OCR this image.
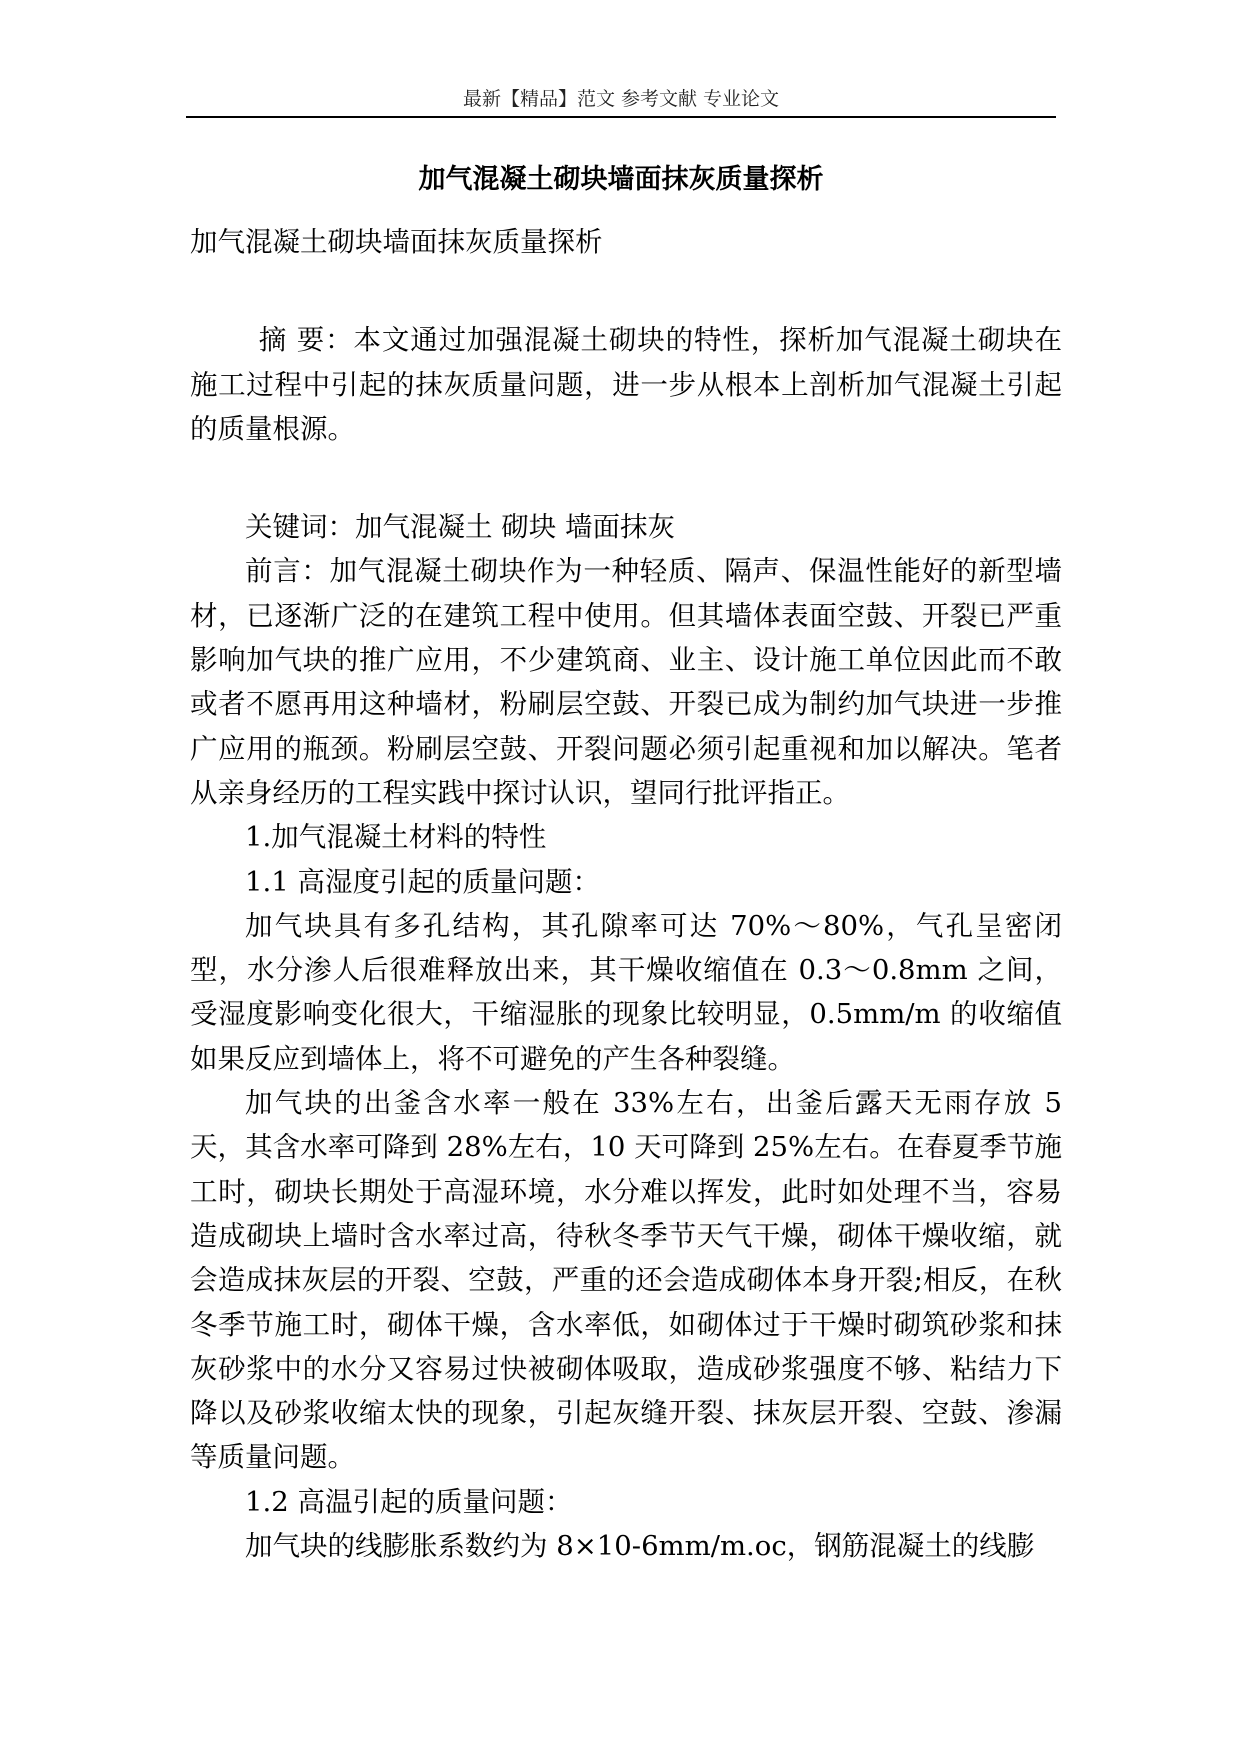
最新【精品】范文 参考文献 专业论文
加气混凝土砌块墙面抹灰质量探析

加气混凝土砌块墙面抹灰质量探析

摘 要：本文通过加强混凝土砌块的特性，探析加气混凝土砌块在施工过程中引起的抹灰质量问题，进一步从根本上剖析加气混凝土引起的质量根源。

关键词：加气混凝土 砌块 墙面抹灰

前言：加气混凝土砌块作为一种轻质、隔声、保温性能好的新型墙材，已逐渐广泛的在建筑工程中使用。但其墙体表面空鼓、开裂已严重影响加气块的推广应用，不少建筑商、业主、设计施工单位因此而不敢或者不愿再用这种墙材，粉刷层空鼓、开裂已成为制约加气块进一步推广应用的瓶颈。粉刷层空鼓、开裂问题必须引起重视和加以解决。笔者从亲身经历的工程实践中探讨认识，望同行批评指正。

1.加气混凝土材料的特性

1.1 高湿度引起的质量问题：

加气块具有多孔结构，其孔隙率可达 70%～80%，气孔呈密闭型，水分渗人后很难释放出来，其干燥收缩值在 0.3～0.8mm 之间，受湿度影响变化很大，干缩湿胀的现象比较明显，0.5mm/m 的收缩值如果反应到墙体上，将不可避免的产生各种裂缝。

加气块的出釜含水率一般在 33%左右，出釜后露天无雨存放 5 天，其含水率可降到 28%左右，10 天可降到 25%左右。在春夏季节施工时，砌块长期处于高湿环境，水分难以挥发，此时如处理不当，容易造成砌块上墙时含水率过高，待秋冬季节天气干燥，砌体干燥收缩，就会造成抹灰层的开裂、空鼓，严重的还会造成砌体本身开裂;相反，在秋冬季节施工时，砌体干燥，含水率低，如砌体过于干燥时砌筑砂浆和抹灰砂浆中的水分又容易过快被砌体吸取，造成砂浆强度不够、粘结力下降以及砂浆收缩太快的现象，引起灰缝开裂、抹灰层开裂、空鼓、渗漏等质量问题。

1.2 高温引起的质量问题：

加气块的线膨胀系数约为 8×10-6mm/m.oc，钢筋混凝土的线膨
